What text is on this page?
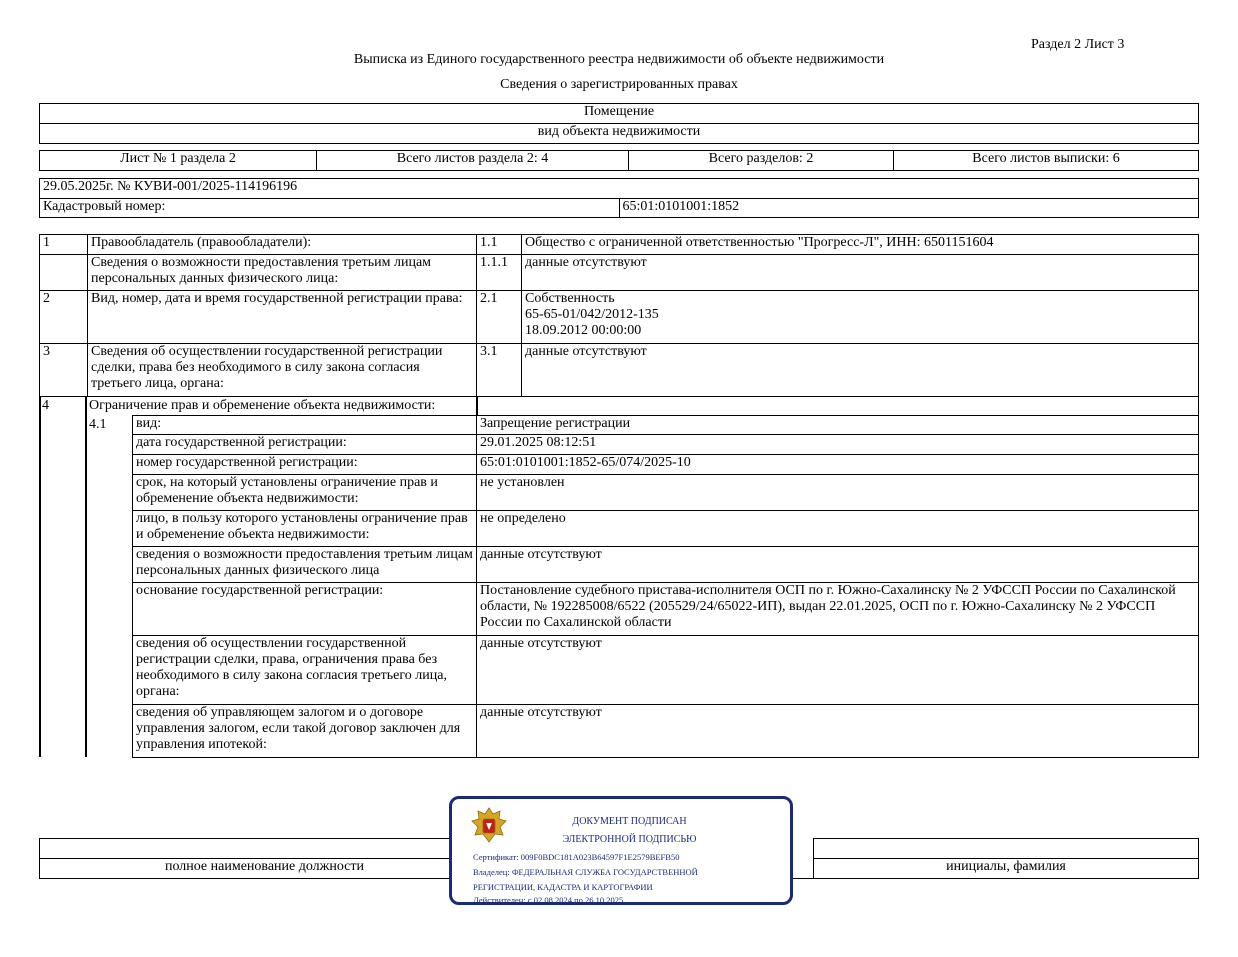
Раздел 2 Лист 3
Выписка из Единого государственного реестра недвижимости об объекте недвижимости
Сведения о зарегистрированных правах
Помещение
вид объекта недвижимости
Лист № 1 раздела 2	Всего листов раздела 2: 4	Всего разделов: 2	Всего листов выписки: 6
29.05.2025г. № КУВИ-001/2025-114196196
Кадастровый номер:	65:01:0101001:1852
1	Правообладатель (правообладатели):	1.1	Общество с ограниченной ответственностью "Прогресс-Л", ИНН: 6501151604
	Сведения о возможности предоставления третьим лицам персональных данных физического лица:	1.1.1	данные отсутствуют
2	Вид, номер, дата и время государственной регистрации права:	2.1	Собственность
65-65-01/042/2012-135
18.09.2012 00:00:00

3	Сведения об осуществлении государственной регистрации сделки, права без необходимого в силу закона согласия третьего лица, органа:	3.1	данные отсутствуют
4	Ограничение прав и обременение объекта недвижимости:
4.1 вид:	Запрещение регистрации
дата государственной регистрации:	29.01.2025 08:12:51
номер государственной регистрации:	65:01:0101001:1852-65/074/2025-10
срок, на который установлены ограничение прав и обременение объекта недвижимости:	не установлен
лицо, в пользу которого установлены ограничение прав и обременение объекта недвижимости:	не определено
сведения о возможности предоставления третьим лицам персональных данных физического лица	данные отсутствуют
основание государственной регистрации:	Постановление судебного пристава-исполнителя ОСП по г. Южно-Сахалинску № 2 УФССП России по Сахалинской области, № 192285008/6522 (205529/24/65022-ИП), выдан 22.01.2025, ОСП по г. Южно-Сахалинску № 2 УФССП России по Сахалинской области
сведения об осуществлении государственной регистрации сделки, права, ограничения права без необходимого в силу закона согласия третьего лица, органа:	данные отсутствуют
сведения об управляющем залогом и о договоре управления залогом, если такой договор заключен для управления ипотекой:	данные отсутствуют

полное наименование должности		инициалы, фамилия
ДОКУМЕНТ ПОДПИСАН
ЭЛЕКТРОННОЙ ПОДПИСЬЮ
Сертификат: 009F0BDC181A023B64597F1E2579BEFB50
Владелец: ФЕДЕРАЛЬНАЯ СЛУЖБА ГОСУДАРСТВЕННОЙ
РЕГИСТРАЦИИ, КАДАСТРА И КАРТОГРАФИИ
Действителен: с 02.08.2024 по 26.10.2025
